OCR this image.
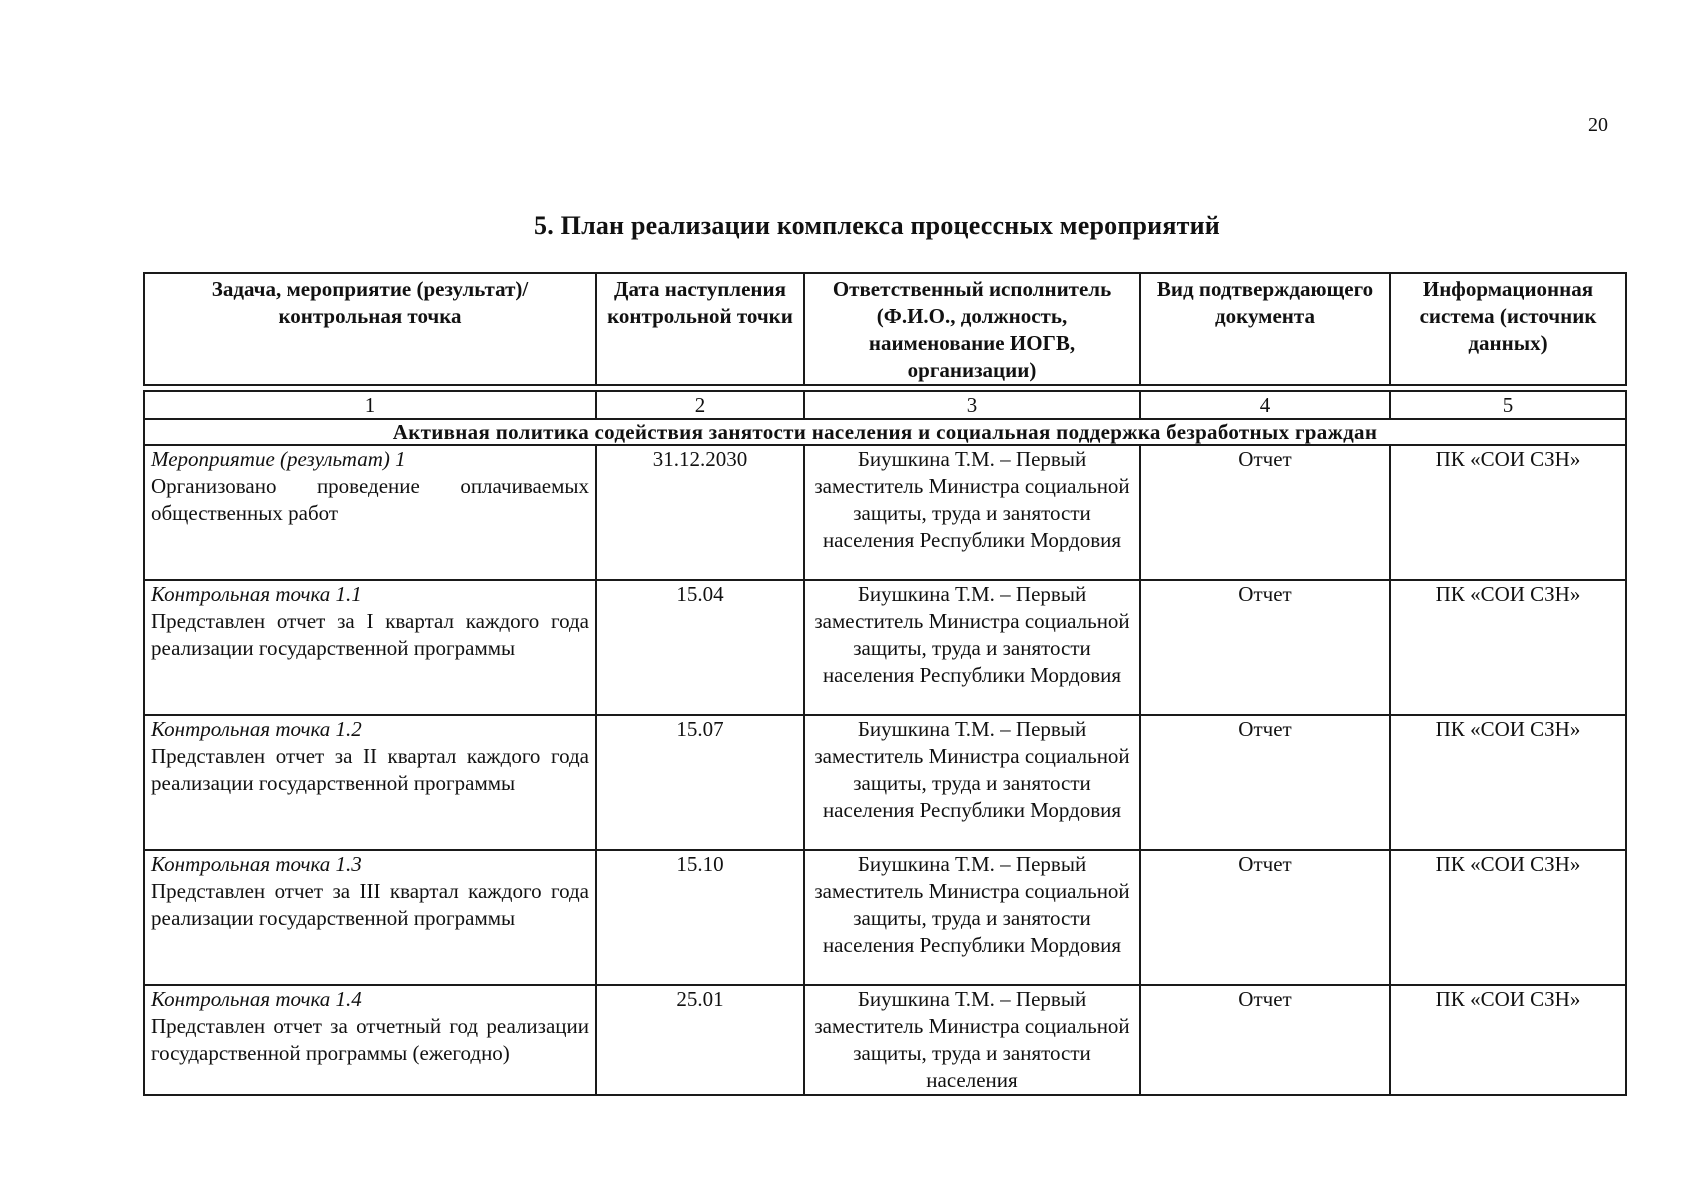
20
5. План реализации комплекса процессных мероприятий
Задача, мероприятие (результат)/контрольная точка	Дата наступления контрольной точки	Ответственный исполнитель (Ф.И.О., должность, наименование ИОГВ, организации)	Вид подтверждающего документа	Информационная система (источник данных)

1	2	3	4	5
Активная политика содействия занятости населения и социальная поддержка безработных граждан				

Мероприятие (результат) 1
Организовано проведение оплачиваемых общественных работ	31.12.2030	Биушкина Т.М. – Первый заместитель Министра социальной защиты, труда и занятости населения Республики Мордовия	Отчет	ПК «СОИ СЗН»

Контрольная точка 1.1
Представлен отчет за I квартал каждого года реализации государственной программы	15.04	Биушкина Т.М. – Первый заместитель Министра социальной защиты, труда и занятости населения Республики Мордовия	Отчет	ПК «СОИ СЗН»

Контрольная точка 1.2
Представлен отчет за II квартал каждого года реализации государственной программы	15.07	Биушкина Т.М. – Первый заместитель Министра социальной защиты, труда и занятости населения Республики Мордовия	Отчет	ПК «СОИ СЗН»

Контрольная точка 1.3
Представлен отчет за III квартал каждого года реализации государственной программы	15.10	Биушкина Т.М. – Первый заместитель Министра социальной защиты, труда и занятости населения Республики Мордовия	Отчет	ПК «СОИ СЗН»

Контрольная точка 1.4
Представлен отчет за отчетный год реализации государственной программы (ежегодно)	25.01	Биушкина Т.М. – Первый заместитель Министра социальной защиты, труда и занятости населения	Отчет	ПК «СОИ СЗН»
